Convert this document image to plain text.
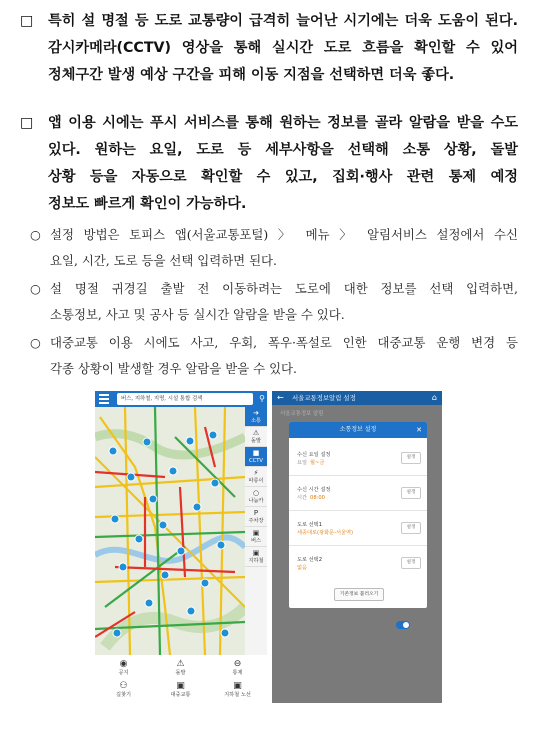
□	특히 설 명절 등 도로 교통량이 급격히 늘어난 시기에는 더욱 도움이 된다.

감시카메라(CCTV) 영상을 통해 실시간 도로 흐름을 확인할 수 있어

정체구간 발생 예상 구간을 피해 이동 지점을 선택하면 더욱 좋다.

□	앱 이용 시에는 푸시 서비스를 통해 원하는 정보를 골라 알람을 받을 수도

있다. 원하는 요일, 도로 등 세부사항을 선택해 소통 상황, 돌발

상황 등을 자동으로 확인할 수 있고, 집회·행사 관련 통제 예정

정보도 빠르게 확인이 가능하다.

○ 설정 방법은 토피스 앱(서울교통포털) 〉 메뉴 〉 알림서비스 설정에서 수신

요일, 시간, 도로 등을 선택 입력하면 된다.

○ 설 명절 귀경길 출발 전 이동하려는 도로에 대한 정보를 선택 입력하면,

소통정보, 사고 및 공사 등 실시간 알람을 받을 수 있다.

○ 대중교통 이용 시에도 사고, 우회, 폭우·폭설로 인한 대중교통 운행 변경 등

각종 상황이 발생할 경우 알람을 받을 수 있다.

버스, 지하철, 지명, 시설 통합 검색	⚲
➔
소통
⚠
돌발
■
CCTV
⚡
따릉이
○
나눔카
P
주차장
▣
버스
▣
지하철
◉
공지
⚠
돌발
⊖
통제
⚇
길찾기
▣
대중교통
▣
지하철 노선
← 서울교통정보알림 설정	⌂
서울교통정보 알림
소통정보 설정	✕
수신 요일 설정
요일 월~금
설정
수신 시간 설정
시간 08:00
설정
도로 선택1
세종대로(광화문-서울역)
설정
도로 선택2
없음
설정
기존정보 불러오기
